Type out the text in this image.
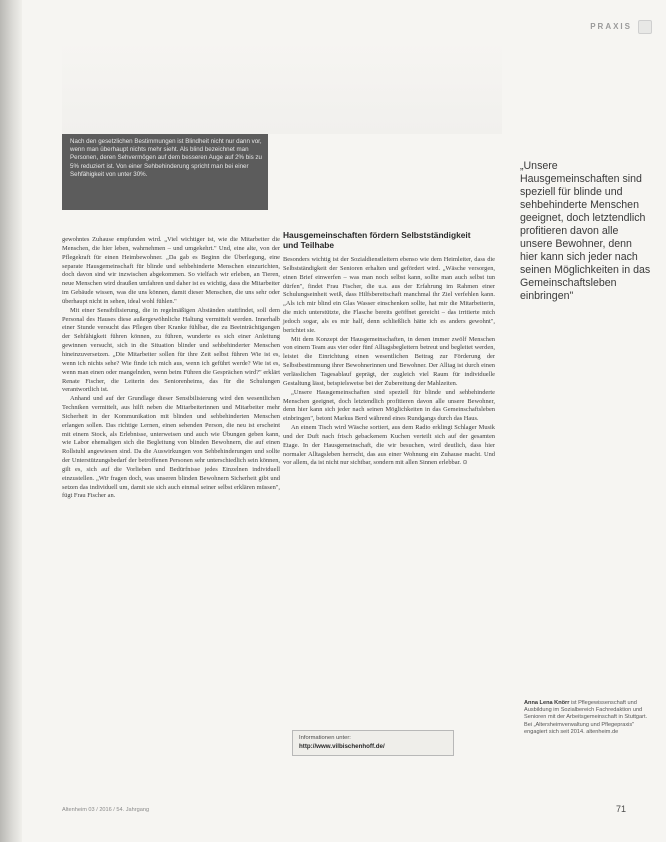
PRAXIS
Nach den gesetzlichen Bestimmungen ist Blindheit nicht nur dann vor, wenn man überhaupt nichts mehr sieht. Als blind bezeichnet man Personen, deren Sehvermögen auf dem besseren Auge auf 2% bis zu 5% reduziert ist. Von einer Sehbehinderung spricht man bei einer Sehfähigkeit von unter 30%.

gewohntes Zuhause empfunden wird. „Viel wichtiger ist, wie die Mitarbeiter die Menschen, die hier leben, wahrnehmen – und umgekehrt." Und, eine alte, von der Pflegekraft für einen Heimbewohner. „Da gab es Beginn die Überlegung, eine separate Hausgemeinschaft für blinde und sehbehinderte Menschen einzurichten, doch davon sind wir inzwischen abgekommen. So vielfach wir erleben, an Tieren, neue Menschen wird draußen umfahren und daher ist es wichtig, dass die Mitarbeiter im Gebäude wissen, was die uns können, damit dieser Menschen, die uns sehr oder überhaupt nicht in sehen, ideal wohl fühlen."

Mit einer Sensibilisierung, die in regelmäßigen Abständen stattfindet, soll dem Personal des Hauses diese außergewöhnliche Haltung vermittelt werden. Innerhalb einer Stunde versucht das Pflegen über Kranke fühlbar, die zu Beeinträchtigungen der Sehfähigkeit führen können, zu führen, wunderte es sich einer Anleitung gewinnen versucht, sich in die Situation blinder und sehbehinderter Menschen hineinzuversetzen. „Die Mitarbeiter sollen für ihre Zeit selbst führen Wie ist es, wenn ich nichts sehe? Wie finde ich mich aus, wenn ich geführt werde? Wie ist es, wenn man einen oder mangelnden, wenn beim Führen die Gesprächen wird?" erklärt Renate Fischer, die Leiterin des Seniorenheims, das für die Schulungen verantwortlich ist.

Anhand und auf der Grundlage dieser Sensibilisierung wird den wesentlichen Techniken vermittelt, aus hilft neben die Mitarbeiterinnen und Mitarbeiter mehr Sicherheit in der Kommunikation mit blinden und sehbehinderten Menschen erlangen sollen. Das richtige Lernen, einen sehenden Person, die neu ist erscheint mit einem Stock, als Erlebnisse, unterweisen und auch wie Übungen geben kann, wie Labor ehemaligen sich die Begleitung von blinden Bewohnern, die auf einen Rollstuhl angewiesen sind. Da die Auswirkungen von Sehbehinderungen und sollte der Unterstützungsbedarf der betroffenen Personen sehr unterschiedlich sein können, gilt es, sich auf die Vorlieben und Bedürfnisse jedes Einzelnen individuell einzustellen. „Wir fragen doch, was unseren blinden Bewohnern Sicherheit gibt und setzen das individuell um, damit sie sich auch einmal seiner selbst erklären müssen", fügt Frau Fischer an.

Hausgemeinschaften fördern Selbstständigkeit und Teilhabe

Besonders wichtig ist der Sozialdienstleitern ebenso wie dem Heimleiter, dass die Selbstständigkeit der Senioren erhalten und gefördert wird. „Wäsche versorgen, einen Brief einwerfen – was man noch selbst kann, sollte man auch selbst tun dürfen", findet Frau Fischer, die u.a. aus der Erfahrung im Rahmen einer Schulungseinheit weiß, dass Hilfsbereitschaft manchmal ihr Ziel verfehlen kann. „Als ich mir blind ein Glas Wasser einschenken sollte, hat mir die Mitarbeiterin, die mich unterstützte, die Flasche bereits geöffnet gereicht – das irritierte mich jedoch sogar, als es mir half, denn schließlich hätte ich es anders gewohnt", berichtet sie.

Mit dem Konzept der Hausgemeinschaften, in denen immer zwölf Menschen von einem Team aus vier oder fünf Alltagsbegleitern betreut und begleitet werden, leistet die Einrichtung einen wesentlichen Beitrag zur Förderung der Selbstbestimmung ihrer Bewohnerinnen und Bewohner. Der Alltag ist durch einen verlässlichen Tagesablauf geprägt, der zugleich viel Raum für individuelle Gestaltung lässt, beispielsweise bei der Zubereitung der Mahlzeiten.

„Unsere Hausgemeinschaften sind speziell für blinde und sehbehinderte Menschen geeignet, doch letztendlich profitieren davon alle unsere Bewohner, denn hier kann sich jeder nach seinen Möglichkeiten in das Gemeinschaftsleben einbringen", betont Markus Berd während eines Rundgangs durch das Haus.

An einem Tisch wird Wäsche sortiert, aus dem Radio erklingt Schlager Musik und der Duft nach frisch gebackenem Kuchen verteilt sich auf der gesamten Etage. In der Hausgemeinschaft, die wir besuchen, wird deutlich, dass hier normaler Alltagsleben herrscht, das aus einer Wohnung ein Zuhause macht. Und vor allem, da ist nicht nur sichtbar, sondern mit allen Sinnen erlebbar. ⊙

„Unsere Hausgemeinschaften sind speziell für blinde und sehbehinderte Menschen geeignet, doch letztendlich profitieren davon alle unsere Bewohner, denn hier kann sich jeder nach seinen Möglichkeiten in das Gemeinschaftsleben einbringen"
Informationen unter:
http://www.vilbischenhoff.de/
Anna Lena Knörr ist Pflegewissenschaft und Ausbildung im Sozialbereich Fachredaktion und Senioren mit der Arbeitsgemeinschaft in Stuttgart. Bei „Altersheimverwaltung und Pflegepraxis" engagiert sich seit 2014. altenheim.de
Altenheim 03 / 2016 / 54. Jahrgang	71
